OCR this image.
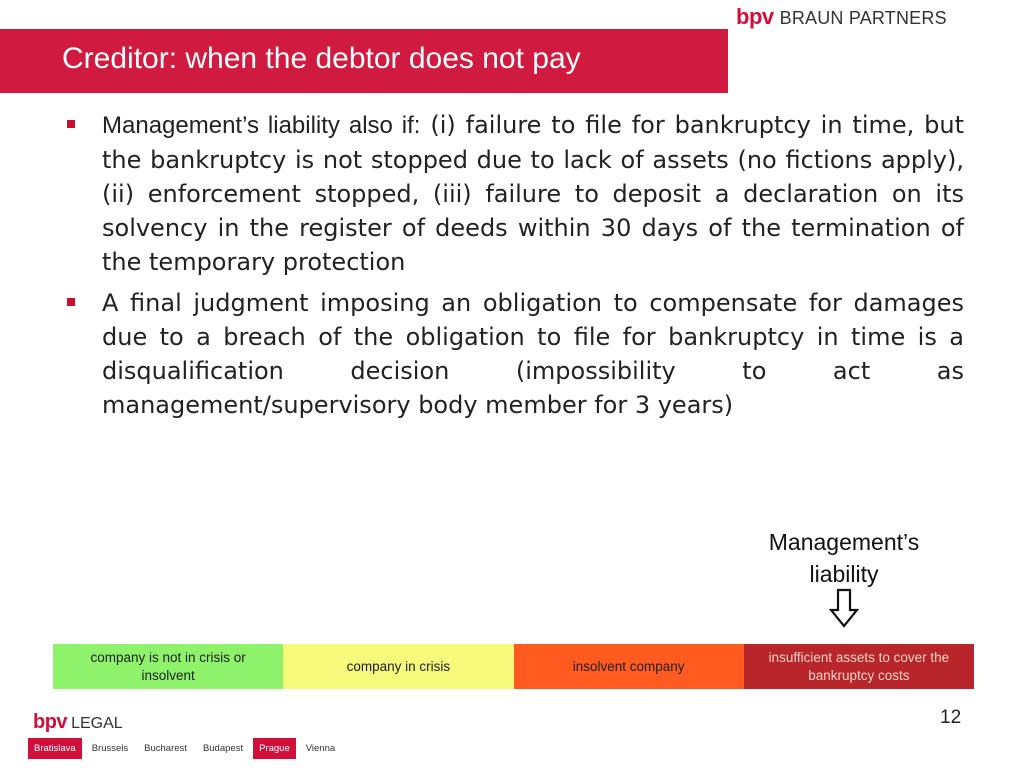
bpv BRAUN PARTNERS
Creditor: when the debtor does not pay
Management’s liability also if: (i) failure to file for bankruptcy in time, but the bankruptcy is not stopped due to lack of assets (no fictions apply), (ii) enforcement stopped, (iii) failure to deposit a declaration on its solvency in the register of deeds within 30 days of the termination of the temporary protection
A final judgment imposing an obligation to compensate for damages due to a breach of the obligation to file for bankruptcy in time is a disqualification decision (impossibility to act as management/supervisory body member for 3 years)
Management’s
liability
company is not in crisis or insolvent
company in crisis	insolvent company
insufficient assets to cover the bankruptcy costs
12
bpv LEGAL
Bratislava	Brussels	Bucharest	Budapest	Prague	Vienna
